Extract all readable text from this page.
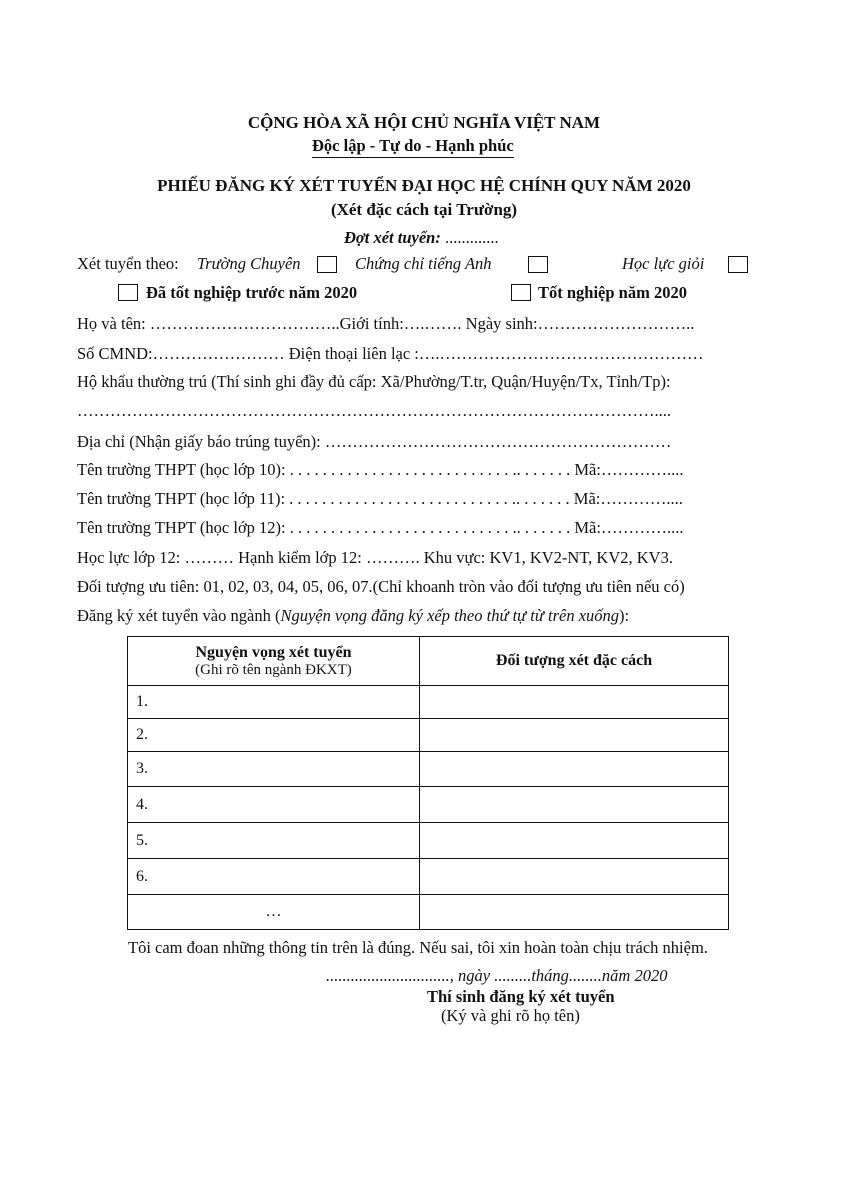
CỘNG HÒA XÃ HỘI CHỦ NGHĨA VIỆT NAM
Độc lập - Tự do - Hạnh phúc
PHIẾU ĐĂNG KÝ XÉT TUYỂN ĐẠI HỌC HỆ CHÍNH QUY NĂM 2020
(Xét đặc cách tại Trường)
Đợt xét tuyển: .............
Xét tuyển theo: Trường Chuyên	Chứng chỉ tiếng Anh	Học lực giỏi
Đã tốt nghiệp trước năm 2020	Tốt nghiệp năm 2020
Họ và tên: ……………………………..Giới tính:….……. Ngày sinh:………………………..
Số CMND:…………………… Điện thoại liên lạc :….…………………………………………
Hộ khẩu thường trú (Thí sinh ghi đầy đủ cấp: Xã/Phường/T.tr, Quận/Huyện/Tx, Tỉnh/Tp):
……………………………………………………………………………………………....
Địa chỉ (Nhận giấy báo trúng tuyển): ………………………………………………………
Tên trường THPT (học lớp 10): . . . . . . . . . . . . . . . . . . . . . . . . . . . .. . . . . . . Mã:…………....
Tên trường THPT (học lớp 11): . . . . . . . . . . . . . . . . . . . . . . . . . . . .. . . . . . . Mã:…………....
Tên trường THPT (học lớp 12): . . . . . . . . . . . . . . . . . . . . . . . . . . . .. . . . . . . Mã:…………....
Học lực lớp 12: ……… Hạnh kiểm lớp 12: ………. Khu vực: KV1, KV2-NT, KV2, KV3.
Đối tượng ưu tiên: 01, 02, 03, 04, 05, 06, 07.(Chỉ khoanh tròn vào đối tượng ưu tiên nếu có)
Đăng ký xét tuyển vào ngành (Nguyện vọng đăng ký xếp theo thứ tự từ trên xuống):
Nguyện vọng xét tuyển
(Ghi rõ tên ngành ĐKXT)	Đối tượng xét đặc cách
1.	
2.	
3.	
4.	
5.	
6.	
…	
Tôi cam đoan những thông tin trên là đúng. Nếu sai, tôi xin hoàn toàn chịu trách nhiệm.
.............................., ngày .........tháng........năm 2020
Thí sinh đăng ký xét tuyển
(Ký và ghi rõ họ tên)
